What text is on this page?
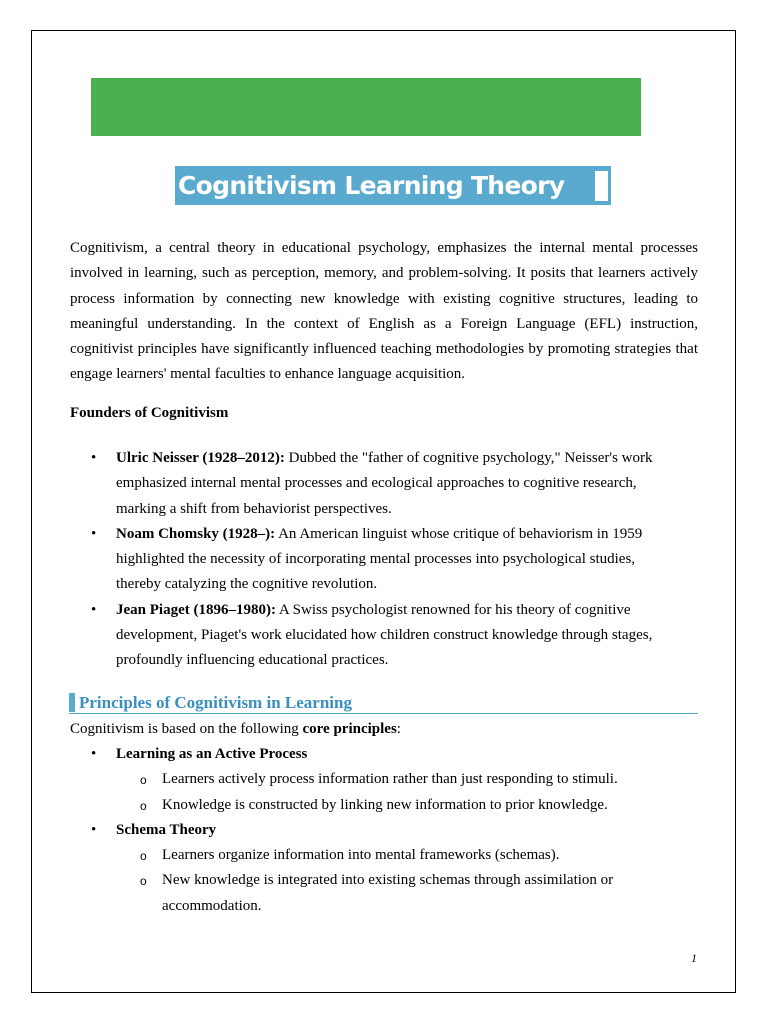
Cognitivism Learning Theory

Cognitivism, a central theory in educational psychology, emphasizes the internal mental processes involved in learning, such as perception, memory, and problem-solving. It posits that learners actively process information by connecting new knowledge with existing cognitive structures, leading to meaningful understanding. In the context of English as a Foreign Language (EFL) instruction, cognitivist principles have significantly influenced teaching methodologies by promoting strategies that engage learners' mental faculties to enhance language acquisition.

Founders of Cognitivism

• Ulric Neisser (1928–2012): Dubbed the "father of cognitive psychology," Neisser's work emphasized internal mental processes and ecological approaches to cognitive research, marking a shift from behaviorist perspectives.
• Noam Chomsky (1928–): An American linguist whose critique of behaviorism in 1959 highlighted the necessity of incorporating mental processes into psychological studies, thereby catalyzing the cognitive revolution.
• Jean Piaget (1896–1980): A Swiss psychologist renowned for his theory of cognitive development, Piaget's work elucidated how children construct knowledge through stages, profoundly influencing educational practices.
Principles of Cognitivism in Learning

Cognitivism is based on the following core principles:

• Learning as an Active Process
o Learners actively process information rather than just responding to stimuli.
o Knowledge is constructed by linking new information to prior knowledge.
• Schema Theory
o Learners organize information into mental frameworks (schemas).
o New knowledge is integrated into existing schemas through assimilation or accommodation.
1
